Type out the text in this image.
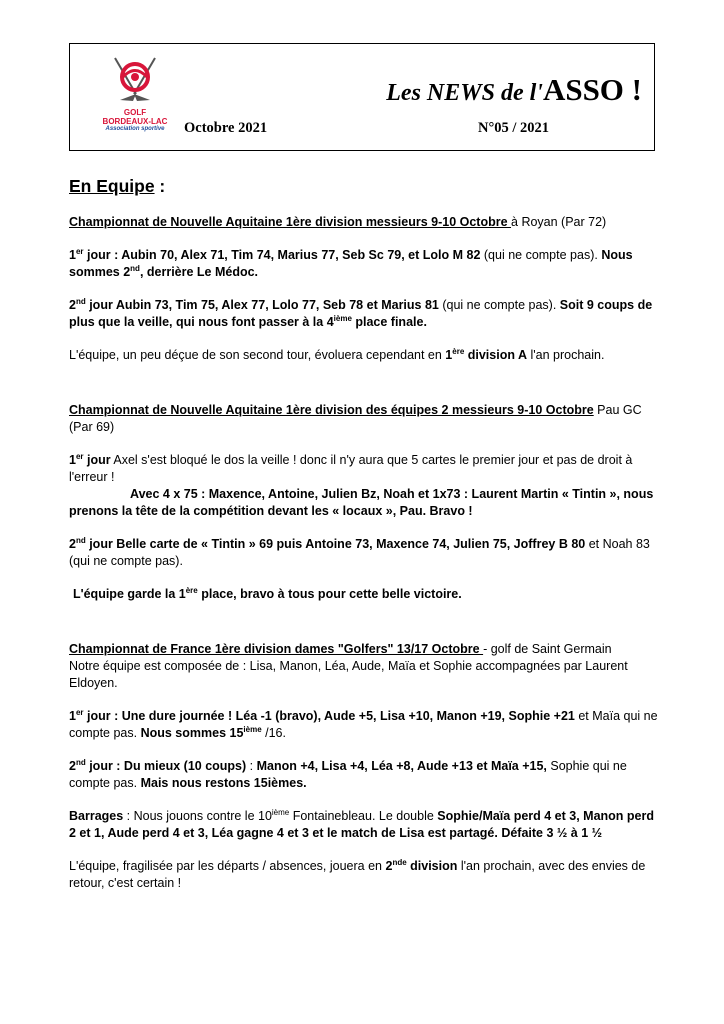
GOLF
BORDEAUX-LAC
Association sportive
Les NEWS de l'ASSO !
Octobre 2021	N°05 / 2021
En Equipe :

Championnat de Nouvelle Aquitaine 1ère division messieurs 9-10 Octobre à Royan (Par 72)

1er jour : Aubin 70, Alex 71, Tim 74, Marius 77, Seb Sc 79, et Lolo M 82 (qui ne compte pas). Nous sommes 2nd, derrière Le Médoc.

2nd jour Aubin 73, Tim 75, Alex 77, Lolo 77, Seb 78 et Marius 81 (qui ne compte pas). Soit 9 coups de plus que la veille, qui nous font passer à la 4ième place finale.

L'équipe, un peu déçue de son second tour, évoluera cependant en 1ère division A l'an prochain.

Championnat de Nouvelle Aquitaine 1ère division des équipes 2 messieurs 9-10 Octobre Pau GC (Par 69)

1er jour Axel s'est bloqué le dos la veille ! donc il n'y aura que 5 cartes le premier jour et pas de droit à l'erreur !

Avec 4 x 75 : Maxence, Antoine, Julien Bz, Noah et 1x73 : Laurent Martin « Tintin », nous prenons la tête de la compétition devant les « locaux », Pau. Bravo !

2nd jour Belle carte de « Tintin » 69 puis Antoine 73, Maxence 74, Julien 75, Joffrey B 80 et Noah 83 (qui ne compte pas).

L'équipe garde la 1ère place, bravo à tous pour cette belle victoire.

Championnat de France 1ère division dames "Golfers" 13/17 Octobre - golf de Saint Germain

Notre équipe est composée de : Lisa, Manon, Léa, Aude, Maïa et Sophie accompagnées par Laurent Eldoyen.

1er jour : Une dure journée ! Léa -1 (bravo), Aude +5, Lisa +10, Manon +19, Sophie +21 et Maïa qui ne compte pas. Nous sommes 15ième /16.

2nd jour : Du mieux (10 coups) : Manon +4, Lisa +4, Léa +8, Aude +13 et Maïa +15, Sophie qui ne compte pas. Mais nous restons 15ièmes.

Barrages : Nous jouons contre le 10ième Fontainebleau. Le double Sophie/Maïa perd 4 et 3, Manon perd 2 et 1, Aude perd 4 et 3, Léa gagne 4 et 3 et le match de Lisa est partagé. Défaite 3 ½ à 1 ½

L'équipe, fragilisée par les départs / absences, jouera en 2nde division l'an prochain, avec des envies de retour, c'est certain !
